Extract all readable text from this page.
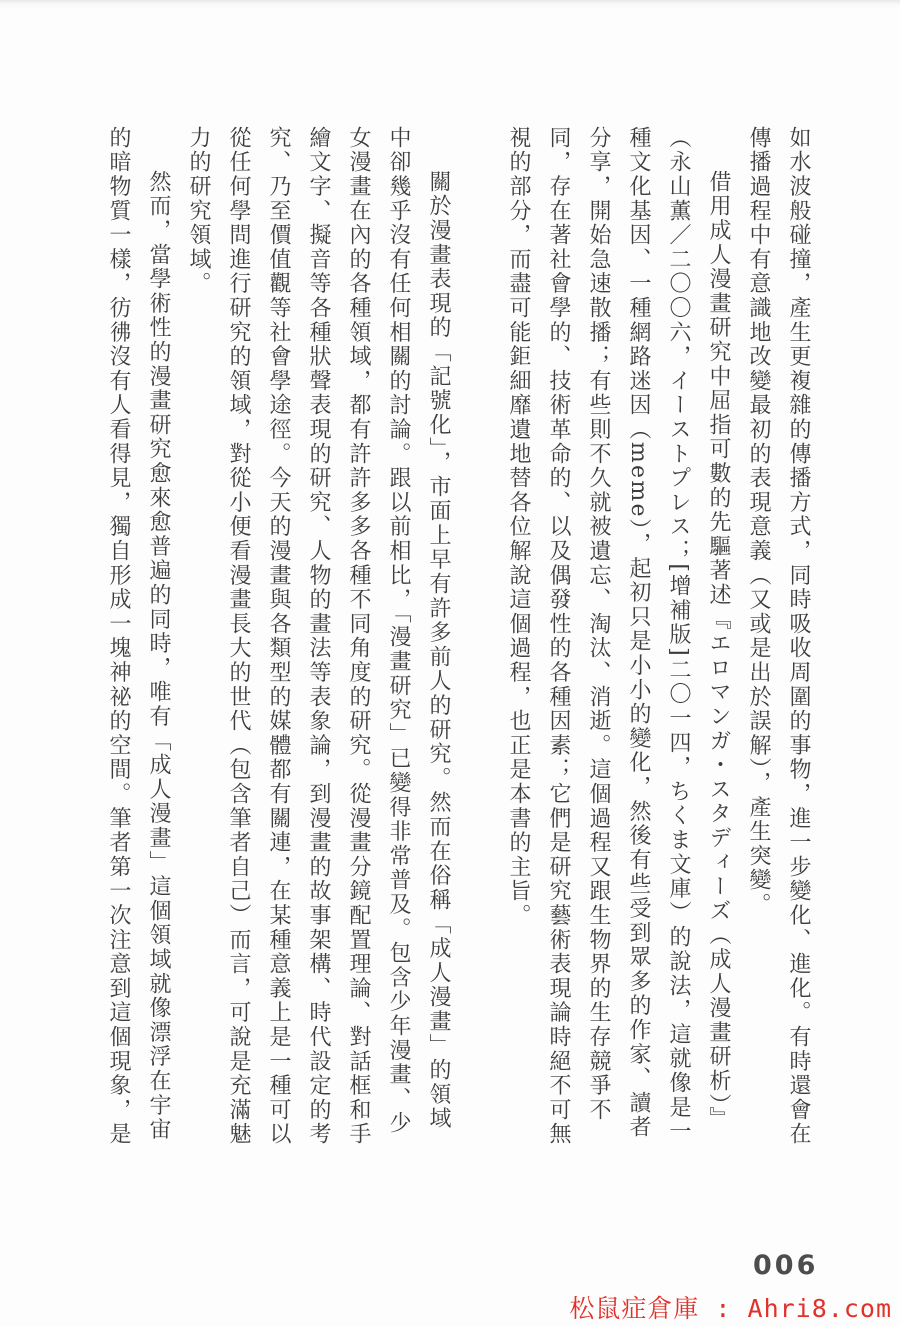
如水波般碰撞，產生更複雜的傳播方式，同時吸收周圍的事物，進一步變化、進化。有時還會在傳播過程中有意識地改變最初的表現意義（又或是出於誤解），產生突變。

借用成人漫畫研究中屈指可數的先驅著述『エロマンガ・スタディーズ（成人漫畫研析）』（永山薫／二〇〇六，イーストプレス；[增補版]二〇一四，ちくま文庫）的說法，這就像是一種文化基因、一種網路迷因（meme），起初只是小小的變化，然後有些受到眾多的作家、讀者分享，開始急速散播；有些則不久就被遺忘、淘汰、消逝。這個過程又跟生物界的生存競爭不同，存在著社會學的、技術革命的、以及偶發性的各種因素；它們是研究藝術表現論時絕不可無視的部分，而盡可能鉅細靡遺地替各位解說這個過程，也正是本書的主旨。

關於漫畫表現的「記號化」，市面上早有許多前人的研究。然而在俗稱「成人漫畫」的領域中卻幾乎沒有任何相關的討論。跟以前相比，「漫畫研究」已變得非常普及。包含少年漫畫、少女漫畫在內的各種領域，都有許許多多各種不同角度的研究。從漫畫分鏡配置理論、對話框和手繪文字、擬音等各種狀聲表現的研究、人物的畫法等表象論，到漫畫的故事架構、時代設定的考究、乃至價值觀等社會學途徑。今天的漫畫與各類型的媒體都有關連，在某種意義上是一種可以從任何學問進行研究的領域，對從小便看漫畫長大的世代（包含筆者自己）而言，可說是充滿魅力的研究領域。

然而，當學術性的漫畫研究愈來愈普遍的同時，唯有「成人漫畫」這個領域就像漂浮在宇宙的暗物質一樣，彷彿沒有人看得見，獨自形成一塊神祕的空間。筆者第一次注意到這個現象，是

006
松鼠症倉庫 : Ahri8.com
